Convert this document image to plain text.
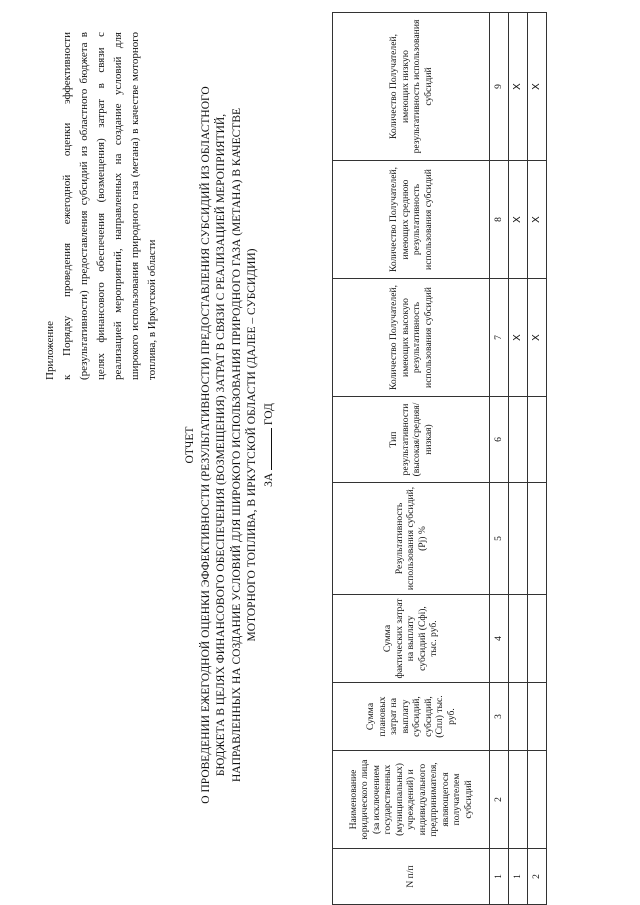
Приложение к Порядку проведения ежегодной оценки эффективности (результативности) предоставления субсидий из областного бюджета в целях финансового обеспечения (возмещения) затрат в связи с реализацией мероприятий, направленных на создание условий для широкого использования природного газа (метана) в качестве моторного топлива, в Иркутской области
ОТЧЕТ О ПРОВЕДЕНИИ ЕЖЕГОДНОЙ ОЦЕНКИ ЭФФЕКТИВНОСТИ (РЕЗУЛЬТАТИВНОСТИ) ПРЕДОСТАВЛЕНИЯ СУБСИДИЙ ИЗ ОБЛАСТНОГО БЮДЖЕТА В ЦЕЛЯХ ФИНАНСОВОГО ОБЕСПЕЧЕНИЯ (ВОЗМЕЩЕНИЯ) ЗАТРАТ В СВЯЗИ С РЕАЛИЗАЦИЕЙ МЕРОПРИЯТИЙ, НАПРАВЛЕННЫХ НА СОЗДАНИЕ УСЛОВИЙ ДЛЯ ШИРОКОГО ИСПОЛЬЗОВАНИЯ ПРИРОДНОГО ГАЗА (МЕТАНА) В КАЧЕСТВЕ МОТОРНОГО ТОПЛИВА, В ИРКУТСКОЙ ОБЛАСТИ (ДАЛЕЕ – СУБСИДИИ) ЗА  ГОД
N п/п	Наименование юридического лица (за исключением государственных (муниципальных) учреждений) и индивидуального предпринимателя, являющегося получателем субсидий	Сумма плановых затрат на выплату субсидий, субсидий, (Спл) тыс. руб.	Сумма фактических затрат на выплату субсидий (Сфі), тыс. руб.	Результативность использования субсидий, (Рj) %	Тип результативности (высокая/средняя/низкая)	Количество Получателей, имеющих высокую результативность использования субсидий	Количество Получателей, имеющих среднюю результативность использования субсидий	Количество Получателей, имеющих низкую результативность использования субсидий
1	2	3	4	5	6	7	8	9
1						X	X	X
2						X	X	X
